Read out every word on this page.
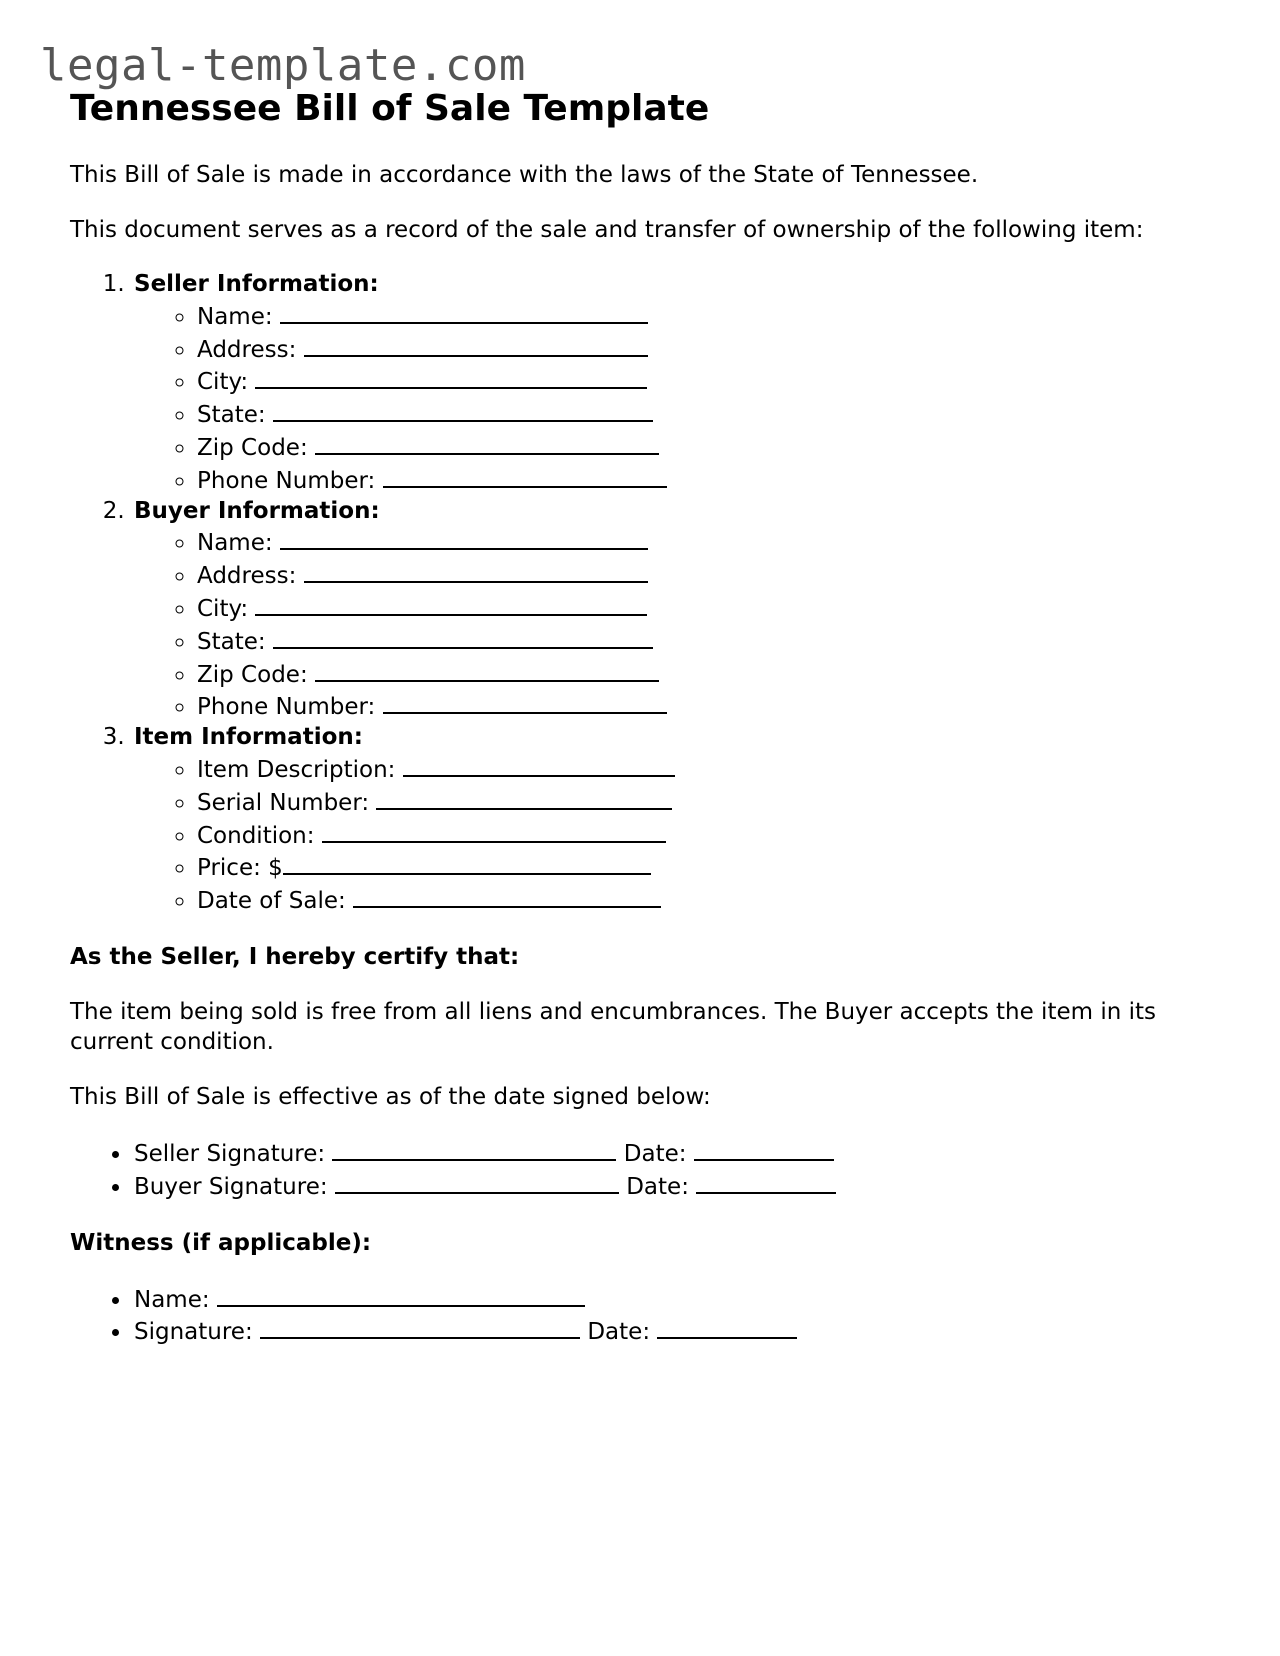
legal-template.com
Tennessee Bill of Sale Template

This Bill of Sale is made in accordance with the laws of the State of Tennessee.

This document serves as a record of the sale and transfer of ownership of the following item:

1. Seller Information:
◦ Name:
◦ Address:
◦ City:
◦ State:
◦ Zip Code:
◦ Phone Number:
2. Buyer Information:
◦ Name:
◦ Address:
◦ City:
◦ State:
◦ Zip Code:
◦ Phone Number:
3. Item Information:
◦ Item Description:
◦ Serial Number:
◦ Condition:
◦ Price: $
◦ Date of Sale:

As the Seller, I hereby certify that:

The item being sold is free from all liens and encumbrances. The Buyer accepts the item in its current condition.

This Bill of Sale is effective as of the date signed below:

• Seller Signature:	Date:
• Buyer Signature:	Date:

Witness (if applicable):

• Name:
• Signature:	Date:
